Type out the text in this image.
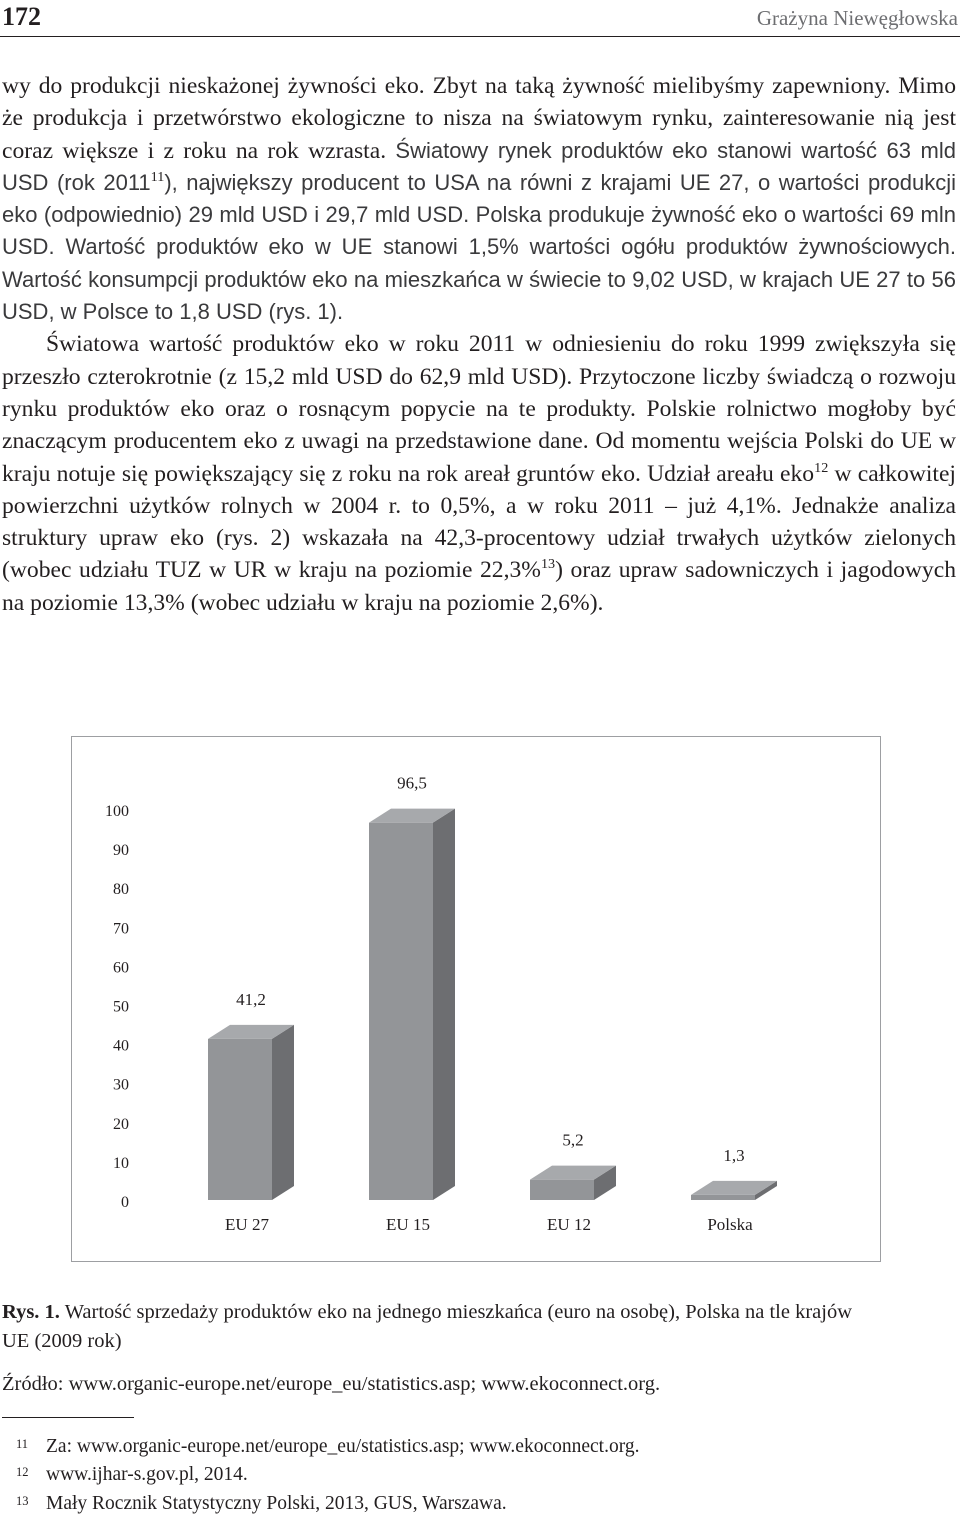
172	Grażyna Niewęgłowska

wy do produkcji nieskażonej żywności eko. Zbyt na taką żywność mielibyśmy zapewniony. Mimo że produkcja i przetwórstwo ekologiczne to nisza na światowym rynku, zainteresowanie nią jest coraz większe i z roku na rok wzrasta. Światowy rynek produktów eko stanowi wartość 63 mld USD (rok 2011$^{11}$), największy producent to USA na równi z krajami UE 27, o wartości produkcji eko (odpowiednio) 29 mld USD i 29,7 mld USD. Polska produkuje żywność eko o wartości 69 mln USD. Wartość produktów eko w UE stanowi 1,5% wartości ogółu produktów żywnościowych. Wartość konsumpcji produktów eko na mieszkańca w świecie to 9,02 USD, w krajach UE 27 to 56 USD, w Polsce to 1,8 USD (rys. 1).

Światowa wartość produktów eko w roku 2011 w odniesieniu do roku 1999 zwiększyła się przeszło czterokrotnie (z 15,2 mld USD do 62,9 mld USD). Przytoczone liczby świadczą o rozwoju rynku produktów eko oraz o rosnącym popycie na te produkty. Polskie rolnictwo mogłoby być znaczącym producentem eko z uwagi na przedstawione dane. Od momentu wejścia Polski do UE w kraju notuje się powiększający się z roku na rok areał gruntów eko. Udział areału eko$^{12}$ w całkowitej powierzchni użytków rolnych w 2004 r. to 0,5%, a w roku 2011 – już 4,1%. Jednakże analiza struktury upraw eko (rys. 2) wskazała na 42,3-procentowy udział trwałych użytków zielonych (wobec udziału TUZ w UR w kraju na poziomie 22,3%$^{13}$) oraz upraw sadowniczych i jagodowych na poziomie 13,3% (wobec udziału w kraju na poziomie 2,6%).

0
10
20
30
40
50
60
70
80
90
100
41,2
EU 27
96,5
EU 15
5,2
EU 12
1,3
Polska
Rys. 1. Wartość sprzedaży produktów eko na jednego mieszkańca (euro na osobę), Polska na tle krajów UE (2009 rok)
Źródło: www.organic-europe.net/europe_eu/statistics.asp; www.ekoconnect.org.
11 Za: www.organic-europe.net/europe_eu/statistics.asp; www.ekoconnect.org.
12 www.ijhar-s.gov.pl, 2014.
13 Mały Rocznik Statystyczny Polski, 2013, GUS, Warszawa.
